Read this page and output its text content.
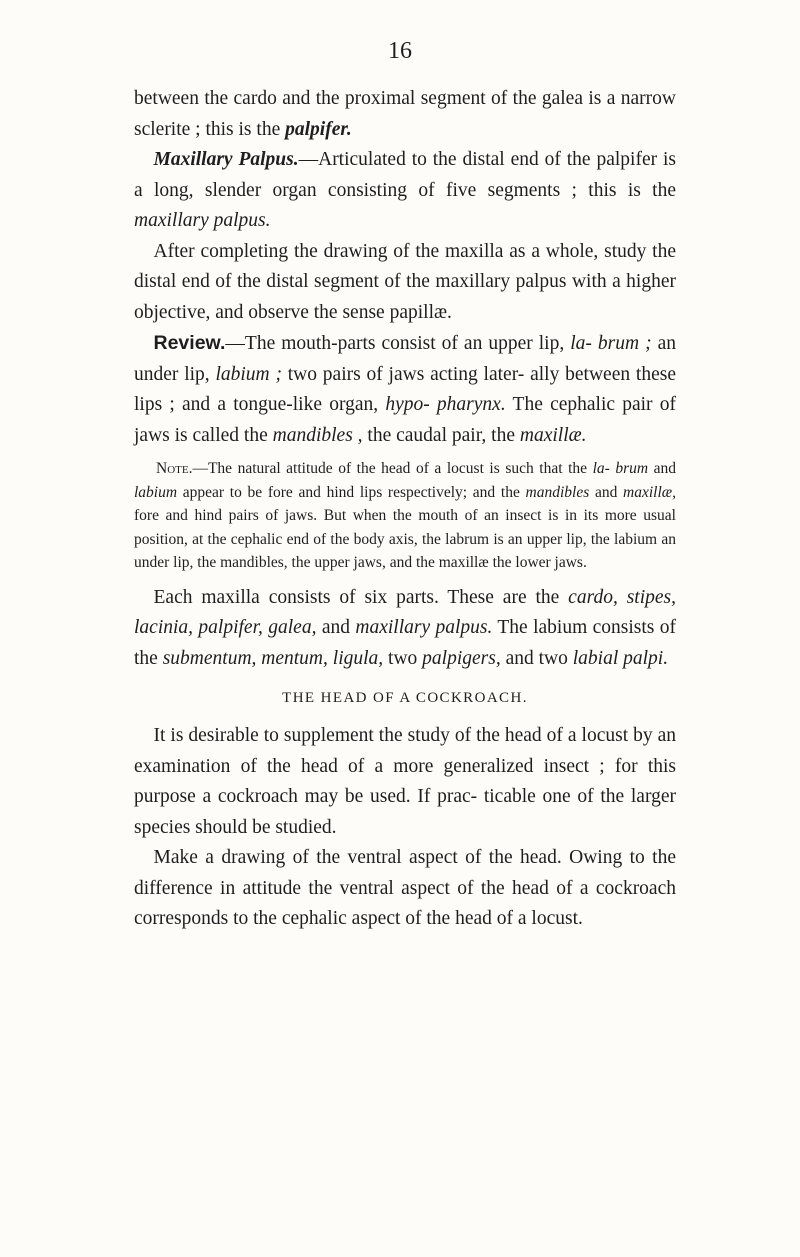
16

between the cardo and the proximal segment of the galea is a narrow sclerite ; this is the palpifer.

 Maxillary Palpus.—Articulated to the distal end of the palpifer is a long, slender organ consisting of five segments ; this is the maxillary palpus.

 After completing the drawing of the maxilla as a whole, study the distal end of the distal segment of the maxillary palpus with a higher objective, and observe the sense papillæ.

 Review.—The mouth-parts consist of an upper lip, la- brum ; an under lip, labium ; two pairs of jaws acting later- ally between these lips ; and a tongue-like organ, hypo- pharynx. The cephalic pair of jaws is called the mandibles , the caudal pair, the maxillæ.

Note.—The natural attitude of the head of a locust is such that the la- brum and labium appear to be fore and hind lips respectively; and the mandibles and maxillæ, fore and hind pairs of jaws. But when the mouth of an insect is in its more usual position, at the cephalic end of the body axis, the labrum is an upper lip, the labium an under lip, the mandibles, the upper jaws, and the maxillæ the lower jaws.

 Each maxilla consists of six parts. These are the cardo, stipes, lacinia, palpifer, galea, and maxillary palpus. The labium consists of the submentum, mentum, ligula, two palpigers, and two labial palpi.

THE HEAD OF A COCKROACH.

 It is desirable to supplement the study of the head of a locust by an examination of the head of a more generalized insect ; for this purpose a cockroach may be used. If prac- ticable one of the larger species should be studied.

 Make a drawing of the ventral aspect of the head. Owing to the difference in attitude the ventral aspect of the head of a cockroach corresponds to the cephalic aspect of the head of a locust.
